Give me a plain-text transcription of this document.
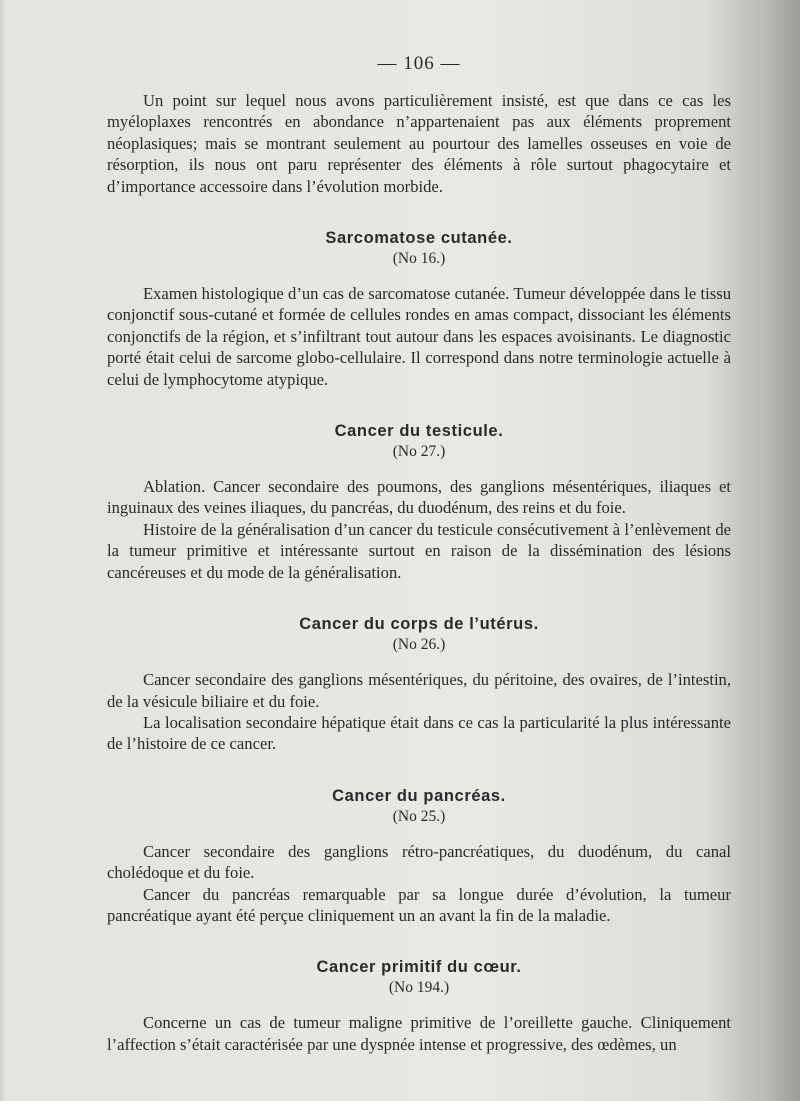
— 106 —

Un point sur lequel nous avons particulièrement insisté, est que dans ce cas les myéloplaxes rencontrés en abondance n’appartenaient pas aux éléments proprement néoplasiques; mais se montrant seulement au pourtour des lamelles osseuses en voie de résorption, ils nous ont paru représenter des éléments à rôle surtout phagocytaire et d’importance accessoire dans l’évolution morbide.

Sarcomatose cutanée.

(No 16.)

Examen histologique d’un cas de sarcomatose cutanée. Tumeur développée dans le tissu conjonctif sous-cutané et formée de cellules rondes en amas compact, dissociant les éléments conjonctifs de la région, et s’infiltrant tout autour dans les espaces avoisinants. Le diagnostic porté était celui de sarcome globo-cellulaire. Il correspond dans notre terminologie actuelle à celui de lymphocytome atypique.

Cancer du testicule.

(No 27.)

Ablation. Cancer secondaire des poumons, des ganglions mésentériques, iliaques et inguinaux des veines iliaques, du pancréas, du duodénum, des reins et du foie.

Histoire de la généralisation d’un cancer du testicule consécutivement à l’enlèvement de la tumeur primitive et intéressante surtout en raison de la dissémination des lésions cancéreuses et du mode de la généralisation.

Cancer du corps de l’utérus.

(No 26.)

Cancer secondaire des ganglions mésentériques, du péritoine, des ovaires, de l’intestin, de la vésicule biliaire et du foie.

La localisation secondaire hépatique était dans ce cas la particularité la plus intéressante de l’histoire de ce cancer.

Cancer du pancréas.

(No 25.)

Cancer secondaire des ganglions rétro-pancréatiques, du duodénum, du canal cholédoque et du foie.

Cancer du pancréas remarquable par sa longue durée d’évolution, la tumeur pancréatique ayant été perçue cliniquement un an avant la fin de la maladie.

Cancer primitif du cœur.

(No 194.)

Concerne un cas de tumeur maligne primitive de l’oreillette gauche. Cliniquement l’affection s’était caractérisée par une dyspnée intense et progressive, des œdèmes, un
